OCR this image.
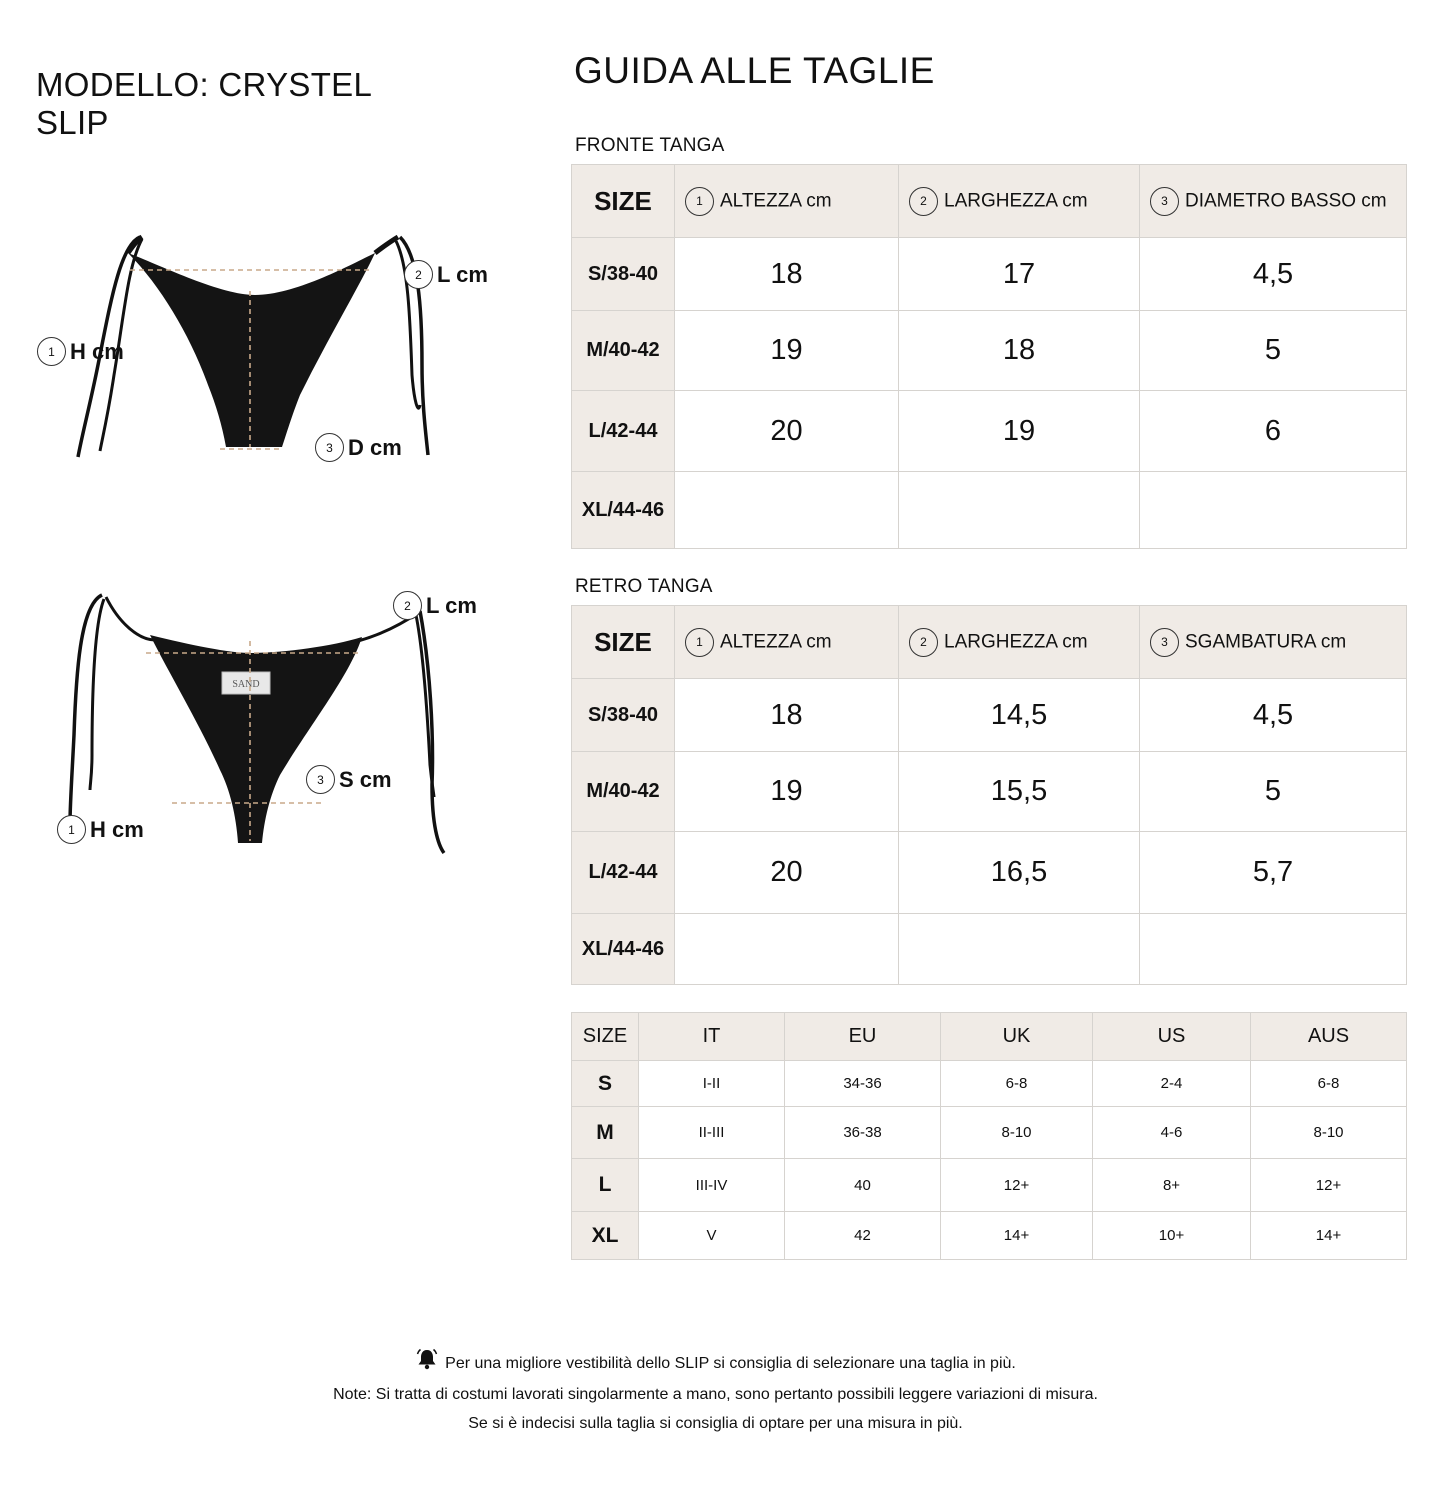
MODELLO: CRYSTEL SLIP
GUIDA ALLE TAGLIE
1 H cm
2 L cm
3 D cm
SAND
1 H cm
2 L cm
3 S cm
FRONTE TANGA
SIZE	1 ALTEZZA cm	2 LARGHEZZA cm	3 DIAMETRO BASSO cm
S/38-40	18	17	4,5
M/40-42	19	18	5
L/42-44	20	19	6
XL/44-46			
RETRO TANGA
SIZE	1 ALTEZZA cm	2 LARGHEZZA cm	3 SGAMBATURA cm
S/38-40	18	14,5	4,5
M/40-42	19	15,5	5
L/42-44	20	16,5	5,7
XL/44-46			
SIZE	IT	EU	UK	US	AUS
S	I-II	34-36	6-8	2-4	6-8
M	II-III	36-38	8-10	4-6	8-10
L	III-IV	40	12+	8+	12+
XL	V	42	14+	10+	14+
Per una migliore vestibilità dello SLIP si consiglia di selezionare una taglia in più.
Note: Si tratta di costumi lavorati singolarmente a mano, sono pertanto possibili leggere variazioni di misura.
Se si è indecisi sulla taglia si consiglia di optare per una misura in più.
